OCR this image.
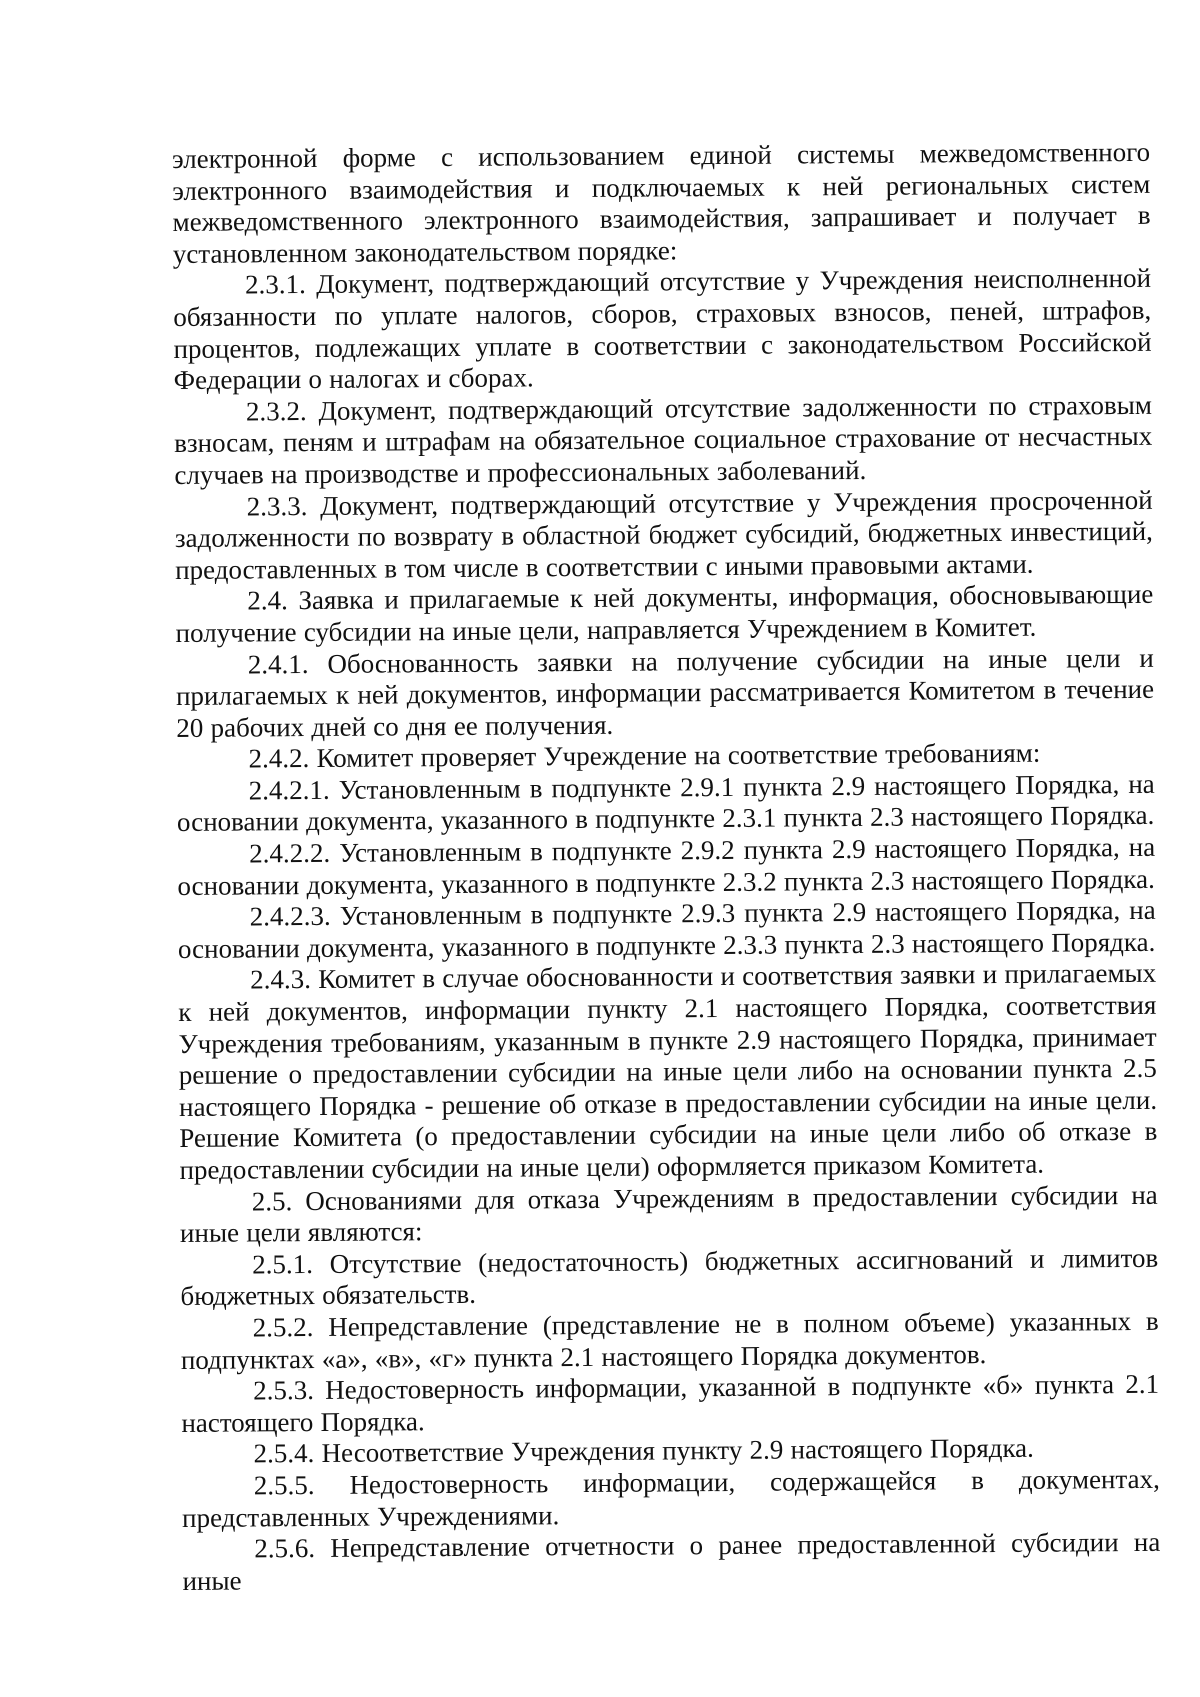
электронной форме с использованием единой системы межведомственного электронного взаимодействия и подключаемых к ней региональных систем межведомственного электронного взаимодействия, запрашивает и получает в установленном законодательством порядке:

2.3.1. Документ, подтверждающий отсутствие у Учреждения неисполненной обязанности по уплате налогов, сборов, страховых взносов, пеней, штрафов, процентов, подлежащих уплате в соответствии с законодательством Российской Федерации о налогах и сборах.

2.3.2. Документ, подтверждающий отсутствие задолженности по страховым взносам, пеням и штрафам на обязательное социальное страхование от несчастных случаев на производстве и профессиональных заболеваний.

2.3.3. Документ, подтверждающий отсутствие у Учреждения просроченной задолженности по возврату в областной бюджет субсидий, бюджетных инвестиций, предоставленных в том числе в соответствии с иными правовыми актами.

2.4. Заявка и прилагаемые к ней документы, информация, обосновывающие получение субсидии на иные цели, направляется Учреждением в Комитет.

2.4.1. Обоснованность заявки на получение субсидии на иные цели и прилагаемых к ней документов, информации рассматривается Комитетом в течение 20 рабочих дней со дня ее получения.

2.4.2. Комитет проверяет Учреждение на соответствие требованиям:

2.4.2.1. Установленным в подпункте 2.9.1 пункта 2.9 настоящего Порядка, на основании документа, указанного в подпункте 2.3.1 пункта 2.3 настоящего Порядка.

2.4.2.2. Установленным в подпункте 2.9.2 пункта 2.9 настоящего Порядка, на основании документа, указанного в подпункте 2.3.2 пункта 2.3 настоящего Порядка.

2.4.2.3. Установленным в подпункте 2.9.3 пункта 2.9 настоящего Порядка, на основании документа, указанного в подпункте 2.3.3 пункта 2.3 настоящего Порядка.

2.4.3. Комитет в случае обоснованности и соответствия заявки и прилагаемых к ней документов, информации пункту 2.1 настоящего Порядка, соответствия Учреждения требованиям, указанным в пункте 2.9 настоящего Порядка, принимает решение о предоставлении субсидии на иные цели либо на основании пункта 2.5 настоящего Порядка - решение об отказе в предоставлении субсидии на иные цели. Решение Комитета (о предоставлении субсидии на иные цели либо об отказе в предоставлении субсидии на иные цели) оформляется приказом Комитета.

2.5. Основаниями для отказа Учреждениям в предоставлении субсидии на иные цели являются:

2.5.1. Отсутствие (недостаточность) бюджетных ассигнований и лимитов бюджетных обязательств.

2.5.2. Непредставление (представление не в полном объеме) указанных в подпунктах «а», «в», «г» пункта 2.1 настоящего Порядка документов.

2.5.3. Недостоверность информации, указанной в подпункте «б» пункта 2.1 настоящего Порядка.

2.5.4. Несоответствие Учреждения пункту 2.9 настоящего Порядка.

2.5.5. Недостоверность информации, содержащейся в документах, представленных Учреждениями.

2.5.6. Непредставление отчетности о ранее предоставленной субсидии на иные
